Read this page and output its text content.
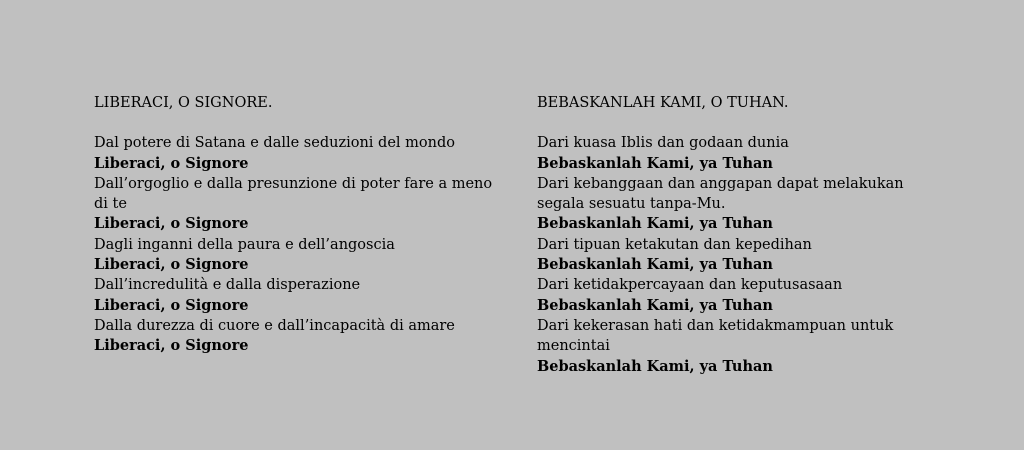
LIBERACI, O SIGNORE.

Dal potere di Satana e dalle seduzioni del mondo
Liberaci, o Signore
Dall’orgoglio e dalla presunzione di poter fare a meno di te
Liberaci, o Signore
Dagli inganni della paura e dell’angoscia
Liberaci, o Signore
Dall’incredulità e dalla disperazione
Liberaci, o Signore
Dalla durezza di cuore e dall’incapacità di amare
Liberaci, o Signore

BEBASKANLAH KAMI, O TUHAN.

Dari kuasa Iblis dan godaan dunia
Bebaskanlah Kami, ya Tuhan
Dari kebanggaan dan anggapan dapat melakukan segala sesuatu tanpa-Mu.
Bebaskanlah Kami, ya Tuhan
Dari tipuan ketakutan dan kepedihan
Bebaskanlah Kami, ya Tuhan
Dari ketidakpercayaan dan keputusasaan
Bebaskanlah Kami, ya Tuhan
Dari kekerasan hati dan ketidakmampuan untuk mencintai
Bebaskanlah Kami, ya Tuhan
